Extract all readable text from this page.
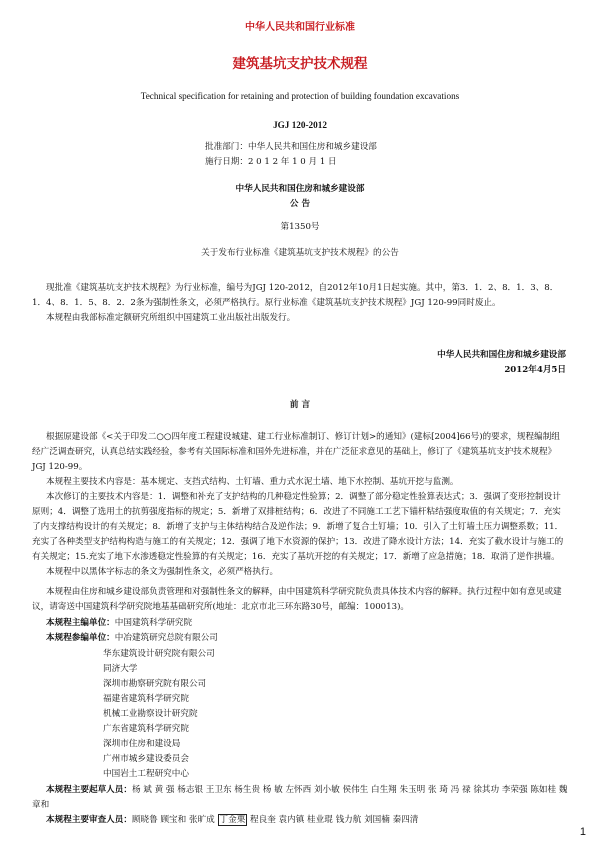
中华人民共和国行业标准
建筑基坑支护技术规程
Technical specification for retaining and protection of building foundation excavations
JGJ 120-2012
批准部门：中华人民共和国住房和城乡建设部
施行日期：2 0 1 2 年 1 0 月 1 日
中华人民共和国住房和城乡建设部
公 告
第1350号
关于发布行业标准《建筑基坑支护技术规程》的公告

现批准《建筑基坑支护技术规程》为行业标准，编号为JGJ 120-2012，自2012年10月1日起实施。其中，第3．1．2、8．1．3、8．1．4、8．1．5、8．2．2条为强制性条文，必须严格执行。原行业标准《建筑基坑支护技术规程》JGJ 120-99同时废止。

本规程由我部标准定额研究所组织中国建筑工业出版社出版发行。

中华人民共和国住房和城乡建设部
2012年4月5日
前 言

根据原建设部《<关于印发二○○四年度工程建设城建、建工行业标准制订、修订计划>的通知》(建标[2004]66号)的要求，规程编制组经广泛调查研究，认真总结实践经验，参考有关国际标准和国外先进标准，并在广泛征求意见的基础上，修订了《建筑基坑支护技术规程》JGJ 120-99。

本规程主要技术内容是：基本规定、支挡式结构、土钉墙、重力式水泥土墙、地下水控制、基坑开挖与监测。

本次修订的主要技术内容是：1．调整和补充了支护结构的几种稳定性验算；2．调整了部分稳定性验算表达式；3．强调了变形控制设计原则；4．调整了选用土的抗剪强度指标的规定；5．新增了双排桩结构；6．改进了不同施工工艺下锚杆粘结强度取值的有关规定；7．充实了内支撑结构设计的有关规定；8．新增了支护与主体结构结合及逆作法；9．新增了复合土钉墙；10．引入了土钉墙土压力调整系数；11．充实了各种类型支护结构构造与施工的有关规定；12．强调了地下水资源的保护；13．改进了降水设计方法；14．充实了截水设计与施工的有关规定；15.充实了地下水渗透稳定性验算的有关规定；16．充实了基坑开挖的有关规定；17．新增了应急措施；18．取消了逆作拱墙。

本规程中以黑体字标志的条文为强制性条文，必须严格执行。

本规程由住房和城乡建设部负责管理和对强制性条文的解释，由中国建筑科学研究院负责具体技术内容的解释。执行过程中如有意见或建议，请寄送中国建筑科学研究院地基基础研究所(地址：北京市北三环东路30号，邮编：100013)。

本规程主编单位：中国建筑科学研究院
本规程参编单位：中冶建筑研究总院有限公司
华东建筑设计研究院有限公司
同济大学
深圳市勘察研究院有限公司
福建省建筑科学研究院
机械工业勘察设计研究院
广东省建筑科学研究院
深圳市住房和建设局
广州市城乡建设委员会
中国岩土工程研究中心

本规程主要起草人员：杨 斌 黄 强 杨志银 王卫东 杨生贵 杨 敏 左怀西 刘小敏 侯伟生 白生翔 朱玉明 张 琦 冯 禄 徐其功 李荣强 陈如桂 魏章和

本规程主要审查人员：顾晓鲁 顾宝和 张旷成 丁金栗 程良奎 袁内镇 桂业琨 钱力航 刘国楠 秦四清
1
